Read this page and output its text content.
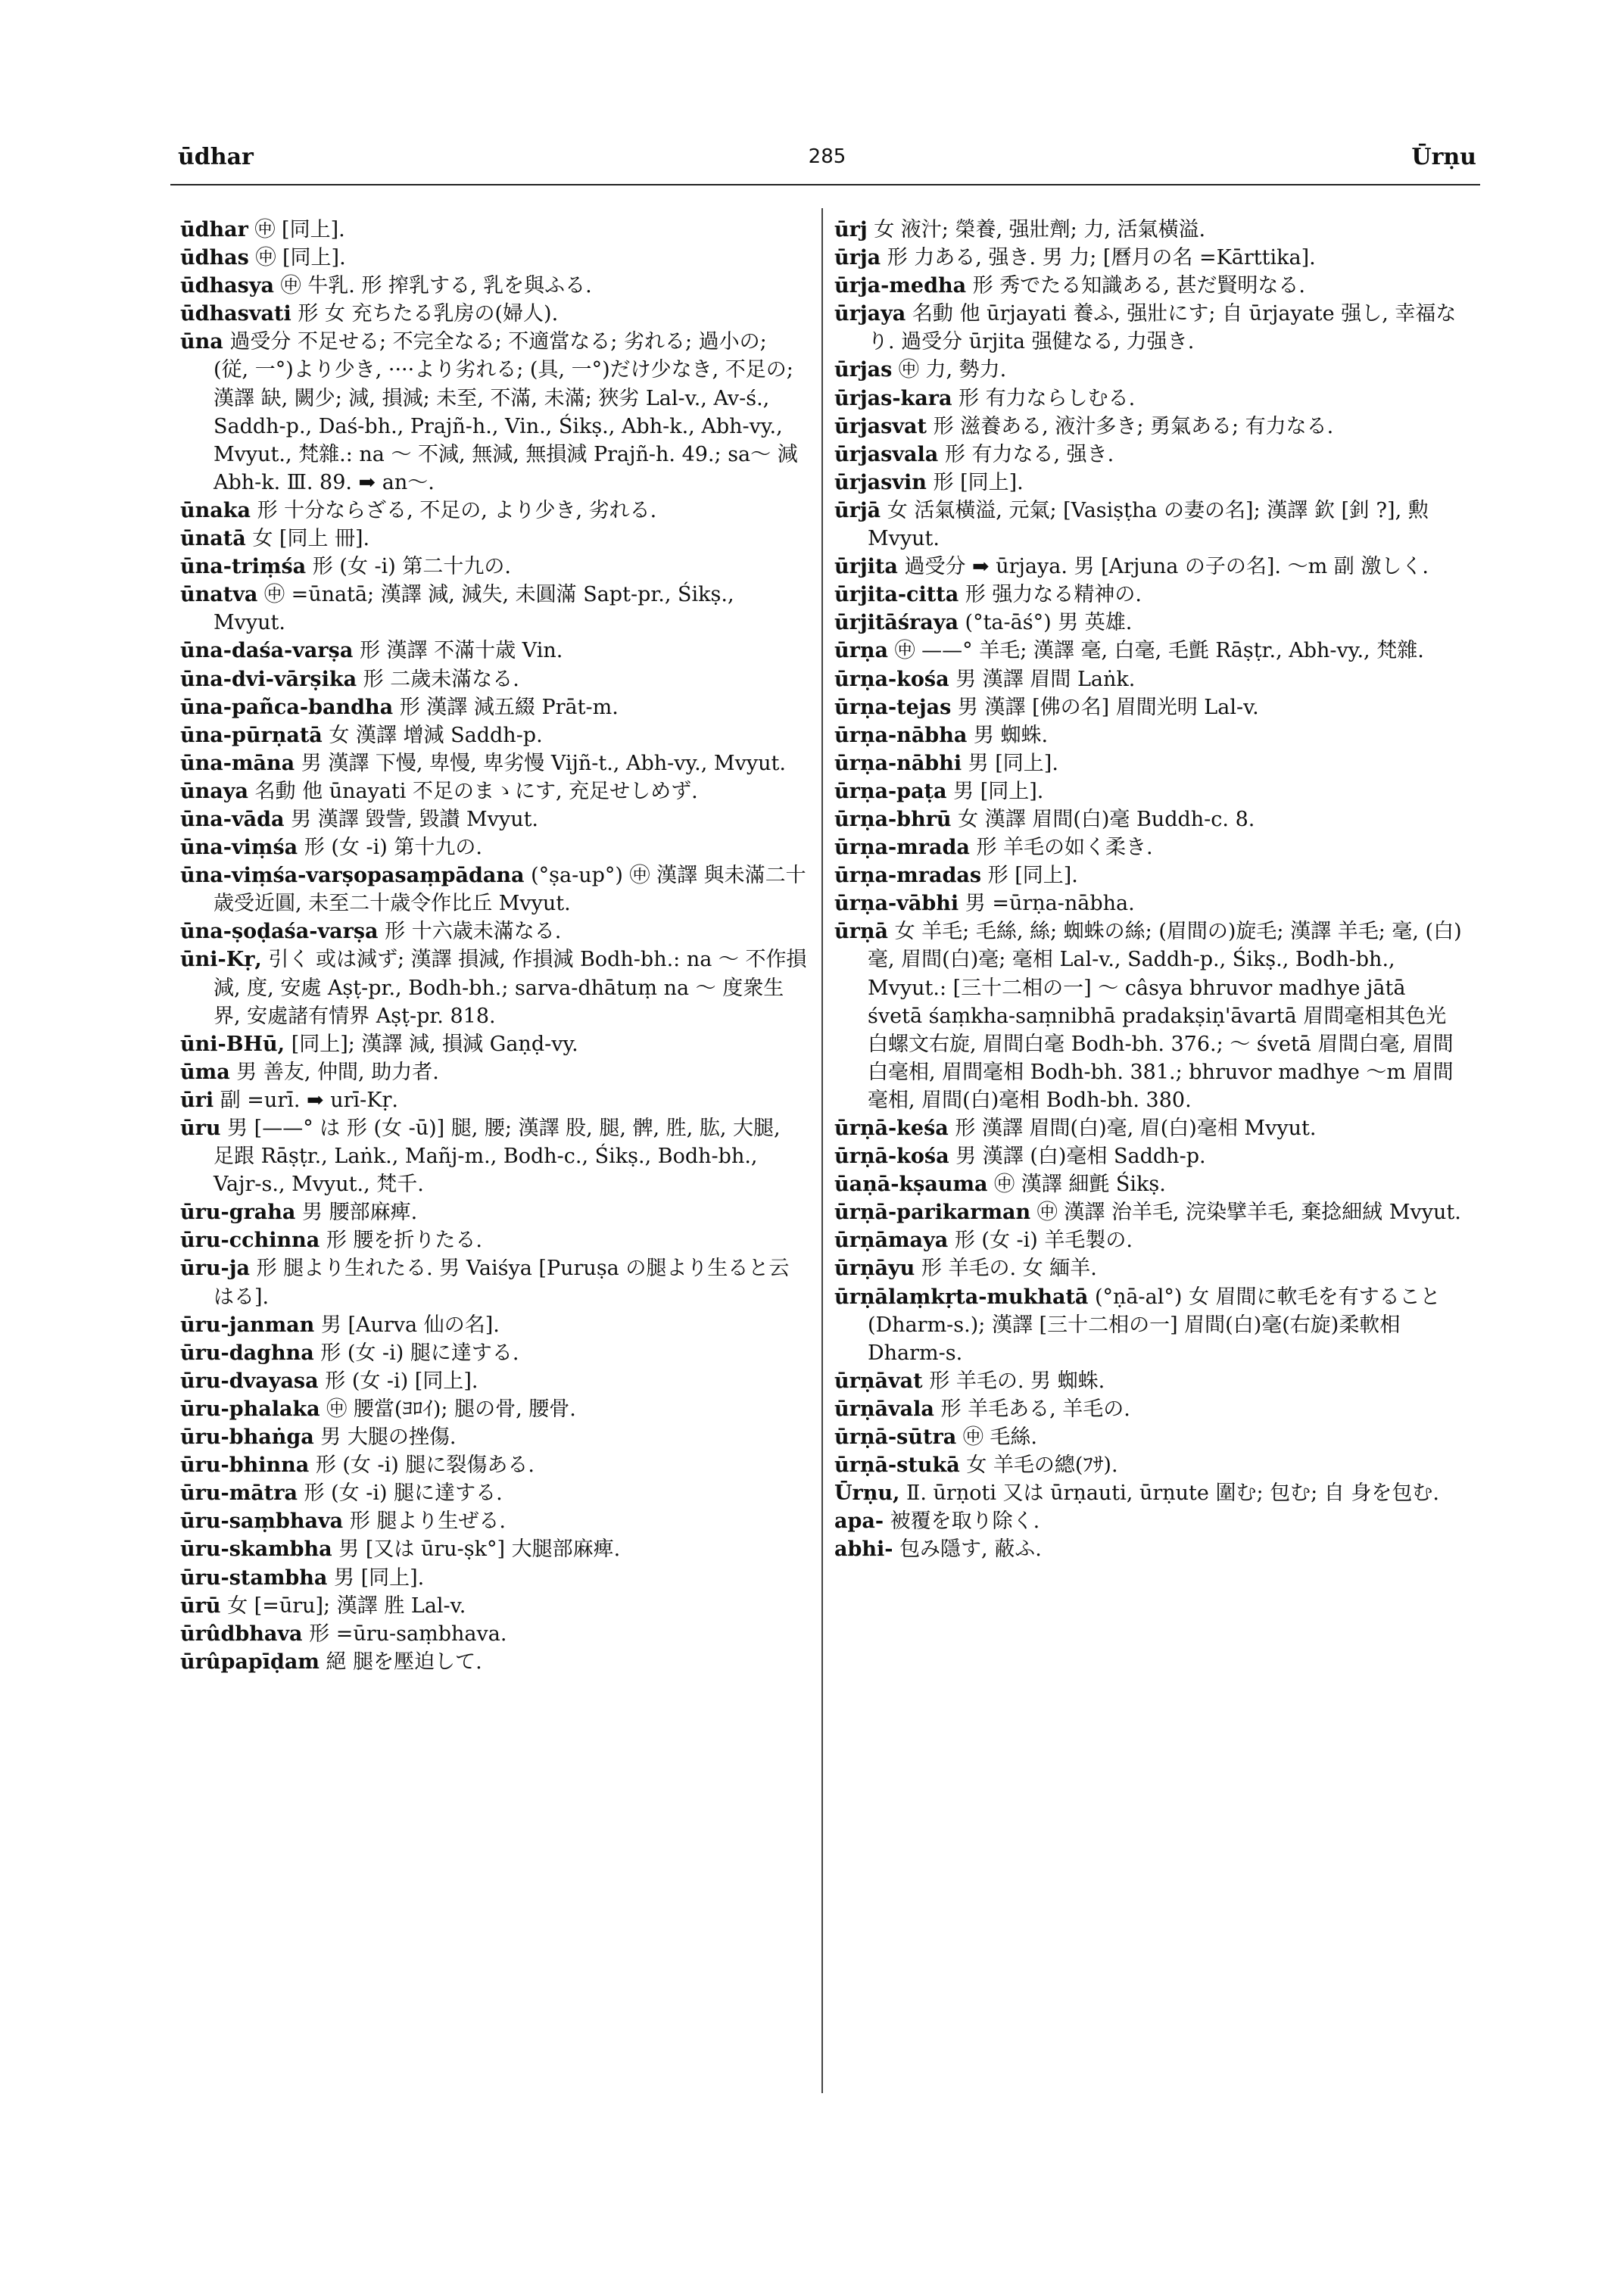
ūdhar	285	Ūrṇu

ūdhar ㊥ [同上].

ūdhas ㊥ [同上].

ūdhasya ㊥ 牛乳. 形 搾乳する, 乳を與ふる.

ūdhasvati 形 女 充ちたる乳房の(婦人).

ūna 過受分 不足せる; 不完全なる; 不適當なる; 劣れる; 過小の; (従, 一°)より少き, ····より劣れる; (具, 一°)だけ少なき, 不足の; 漢譯 缺, 闕少; 減, 損減; 未至, 不滿, 未滿; 狹劣 Lal-v., Av-ś., Saddh-p., Daś-bh., Prajñ-h., Vin., Śikṣ., Abh-k., Abh-vy., Mvyut., 梵雜.: na ～ 不減, 無減, 無損減 Prajñ-h. 49.; sa～ 減 Abh-k. Ⅲ. 89. ➡ an～.

ūnaka 形 十分ならざる, 不足の, より少き, 劣れる.

ūnatā 女 [同上 冊].

ūna-triṃśa 形 (女 -i) 第二十九の.

ūnatva ㊥ =ūnatā; 漢譯 減, 減失, 未圓滿 Sapt-pr., Śikṣ., Mvyut.

ūna-daśa-varṣa 形 漢譯 不滿十歳 Vin.

ūna-dvi-vārṣika 形 二歲未滿なる.

ūna-pañca-bandha 形 漢譯 減五綴 Prāt-m.

ūna-pūrṇatā 女 漢譯 增減 Saddh-p.

ūna-māna 男 漢譯 下慢, 卑慢, 卑劣慢 Vijñ-t., Abh-vy., Mvyut.

ūnaya 名動 他 ūnayati 不足のまゝにす, 充足せしめず.

ūna-vāda 男 漢譯 毀訾, 毀讃 Mvyut.

ūna-viṃśa 形 (女 -i) 第十九の.

ūna-viṃśa-varṣopasaṃpādana (°ṣa-up°) ㊥ 漢譯 與未滿二十歳受近圓, 未至二十歳令作比丘 Mvyut.

ūna-ṣoḍaśa-varṣa 形 十六歳未滿なる.

ūni-Kṛ, 引く 或は減ず; 漢譯 損減, 作損減 Bodh-bh.: na ～ 不作損減, 度, 安處 Aṣṭ-pr., Bodh-bh.; sarva-dhātuṃ na ～ 度衆生界, 安處諸有情界 Aṣṭ-pr. 818.

ūni-BHū, [同上]; 漢譯 減, 損減 Gaṇḍ-vy.

ūma 男 善友, 仲間, 助力者.

ūri 副 =urī. ➡ urī-Kṛ.

ūru 男 [——° は 形 (女 -ū)] 腿, 腰; 漢譯 股, 腿, 髀, 胜, 肱, 大腿, 足跟 Rāṣṭr., Laṅk., Mañj-m., Bodh-c., Śikṣ., Bodh-bh., Vajr-s., Mvyut., 梵千.

ūru-graha 男 腰部麻痺.

ūru-cchinna 形 腰を折りたる.

ūru-ja 形 腿より生れたる. 男 Vaiśya [Puruṣa の腿より生ると云はる].

ūru-janman 男 [Aurva 仙の名].

ūru-daghna 形 (女 -i) 腿に達する.

ūru-dvayasa 形 (女 -i) [同上].

ūru-phalaka ㊥ 腰當(ﾖﾛｲ); 腿の骨, 腰骨.

ūru-bhaṅga 男 大腿の挫傷.

ūru-bhinna 形 (女 -i) 腿に裂傷ある.

ūru-mātra 形 (女 -i) 腿に達する.

ūru-saṃbhava 形 腿より生ぜる.

ūru-skambha 男 [又は ūru-ṣk°] 大腿部麻痺.

ūru-stambha 男 [同上].

ūrū 女 [=ūru]; 漢譯 胜 Lal-v.

ūrûdbhava 形 =ūru-saṃbhava.

ūrûpapīḍam 絕 腿を壓迫して.

ūrj 女 液汁; 榮養, 强壯劑; 力, 活氣橫溢.

ūrja 形 力ある, 强き. 男 力; [曆月の名 =Kārttika].

ūrja-medha 形 秀でたる知識ある, 甚だ賢明なる.

ūrjaya 名動 他 ūrjayati 養ふ, 强壯にす; 自 ūrjayate 强し, 幸福なり. 過受分 ūrjita 强健なる, 力强き.

ūrjas ㊥ 力, 勢力.

ūrjas-kara 形 有力ならしむる.

ūrjasvat 形 滋養ある, 液汁多き; 勇氣ある; 有力なる.

ūrjasvala 形 有力なる, 强き.

ūrjasvin 形 [同上].

ūrjā 女 活氣橫溢, 元氣; [Vasiṣṭha の妻の名]; 漢譯 欽 [釗 ?], 勲 Mvyut.

ūrjita 過受分 ➡ ūrjaya. 男 [Arjuna の子の名]. ～m 副 激しく.

ūrjita-citta 形 强力なる精神の.

ūrjitāśraya (°ta-āś°) 男 英雄.

ūrṇa ㊥ ——° 羊毛; 漢譯 毫, 白毫, 毛氈 Rāṣṭr., Abh-vy., 梵雜.

ūrṇa-kośa 男 漢譯 眉間 Laṅk.

ūrṇa-tejas 男 漢譯 [佛の名] 眉間光明 Lal-v.

ūrṇa-nābha 男 蜘蛛.

ūrṇa-nābhi 男 [同上].

ūrṇa-paṭa 男 [同上].

ūrṇa-bhrū 女 漢譯 眉間(白)毫 Buddh-c. 8.

ūrṇa-mrada 形 羊毛の如く柔き.

ūrṇa-mradas 形 [同上].

ūrṇa-vābhi 男 =ūrṇa-nābha.

ūrṇā 女 羊毛; 毛絲, 絲; 蜘蛛の絲; (眉間の)旋毛; 漢譯 羊毛; 毫, (白)毫, 眉間(白)毫; 毫相 Lal-v., Saddh-p., Śikṣ., Bodh-bh., Mvyut.: [三十二相の一] ～ câsya bhruvor madhye jātā śvetā śaṃkha-saṃnibhā pradakṣiṇ'āvartā 眉間毫相其色光白螺文右旋, 眉間白毫 Bodh-bh. 376.; ～ śvetā 眉間白毫, 眉間白毫相, 眉間毫相 Bodh-bh. 381.; bhruvor madhye ～m 眉間毫相, 眉間(白)毫相 Bodh-bh. 380.

ūrṇā-keśa 形 漢譯 眉間(白)毫, 眉(白)毫相 Mvyut.

ūrṇā-kośa 男 漢譯 (白)毫相 Saddh-p.

ūaṇā-kṣauma ㊥ 漢譯 細氈 Śikṣ.

ūrṇā-parikarman ㊥ 漢譯 治羊毛, 浣染擘羊毛, 棄捻細絨 Mvyut.

ūrṇāmaya 形 (女 -i) 羊毛製の.

ūrṇāyu 形 羊毛の. 女 緬羊.

ūrṇālaṃkṛta-mukhatā (°ṇā-al°) 女 眉間に軟毛を有すること (Dharm-s.); 漢譯 [三十二相の一] 眉間(白)毫(右旋)柔軟相 Dharm-s.

ūrṇāvat 形 羊毛の. 男 蜘蛛.

ūrṇāvala 形 羊毛ある, 羊毛の.

ūrṇā-sūtra ㊥ 毛絲.

ūrṇā-stukā 女 羊毛の總(ﾌｻ).

Ūrṇu, Ⅱ. ūrṇoti 又は ūrṇauti, ūrṇute 圍む; 包む; 自 身を包む.

apa- 被覆を取り除く.

abhi- 包み隱す, 蔽ふ.
